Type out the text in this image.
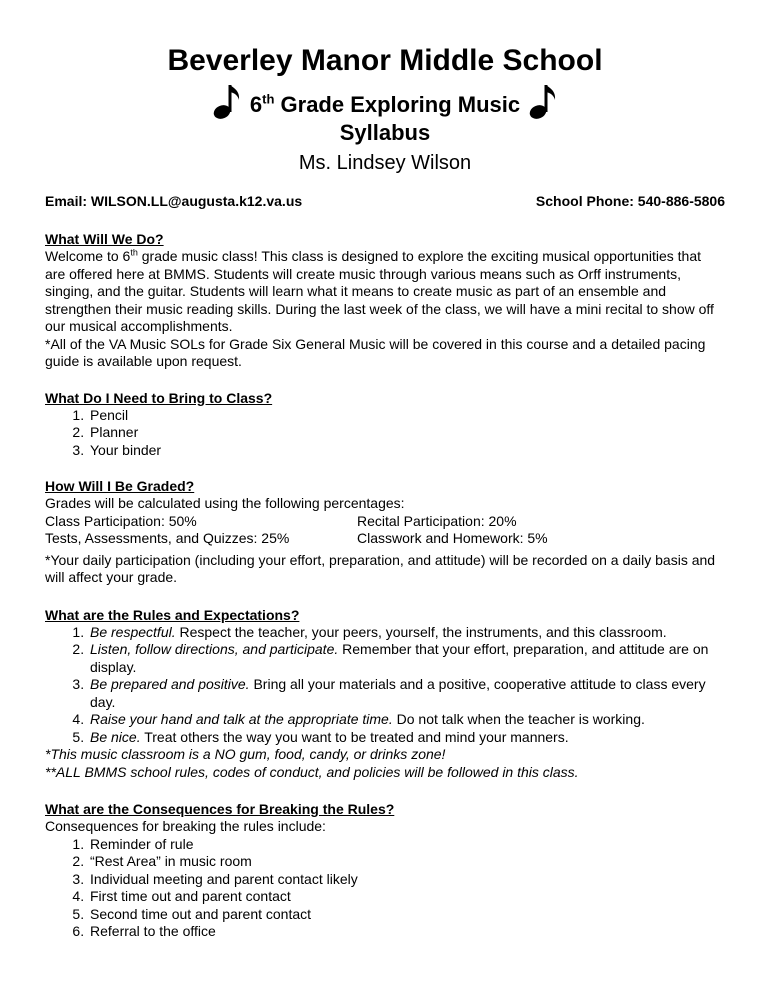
Beverley Manor Middle School
6th Grade Exploring Music
Syllabus
Ms. Lindsey Wilson
Email: WILSON.LL@augusta.k12.va.us	School Phone: 540-886-5806
What Will We Do?
Welcome to 6th grade music class! This class is designed to explore the exciting musical opportunities that are offered here at BMMS. Students will create music through various means such as Orff instruments, singing, and the guitar. Students will learn what it means to create music as part of an ensemble and strengthen their music reading skills. During the last week of the class, we will have a mini recital to show off our musical accomplishments.
*All of the VA Music SOLs for Grade Six General Music will be covered in this course and a detailed pacing guide is available upon request.
What Do I Need to Bring to Class?
1. Pencil
2. Planner
3. Your binder
How Will I Be Graded?
Grades will be calculated using the following percentages:
Class Participation: 50%	Recital Participation: 20%
Tests, Assessments, and Quizzes: 25%	Classwork and Homework: 5%
*Your daily participation (including your effort, preparation, and attitude) will be recorded on a daily basis and will affect your grade.
What are the Rules and Expectations?
1. Be respectful. Respect the teacher, your peers, yourself, the instruments, and this classroom.
2. Listen, follow directions, and participate. Remember that your effort, preparation, and attitude are on display.
3. Be prepared and positive. Bring all your materials and a positive, cooperative attitude to class every day.
4. Raise your hand and talk at the appropriate time. Do not talk when the teacher is working.
5. Be nice. Treat others the way you want to be treated and mind your manners.
*This music classroom is a NO gum, food, candy, or drinks zone!
**ALL BMMS school rules, codes of conduct, and policies will be followed in this class.
What are the Consequences for Breaking the Rules?
Consequences for breaking the rules include:
1. Reminder of rule
2. “Rest Area” in music room
3. Individual meeting and parent contact likely
4. First time out and parent contact
5. Second time out and parent contact
6. Referral to the office
